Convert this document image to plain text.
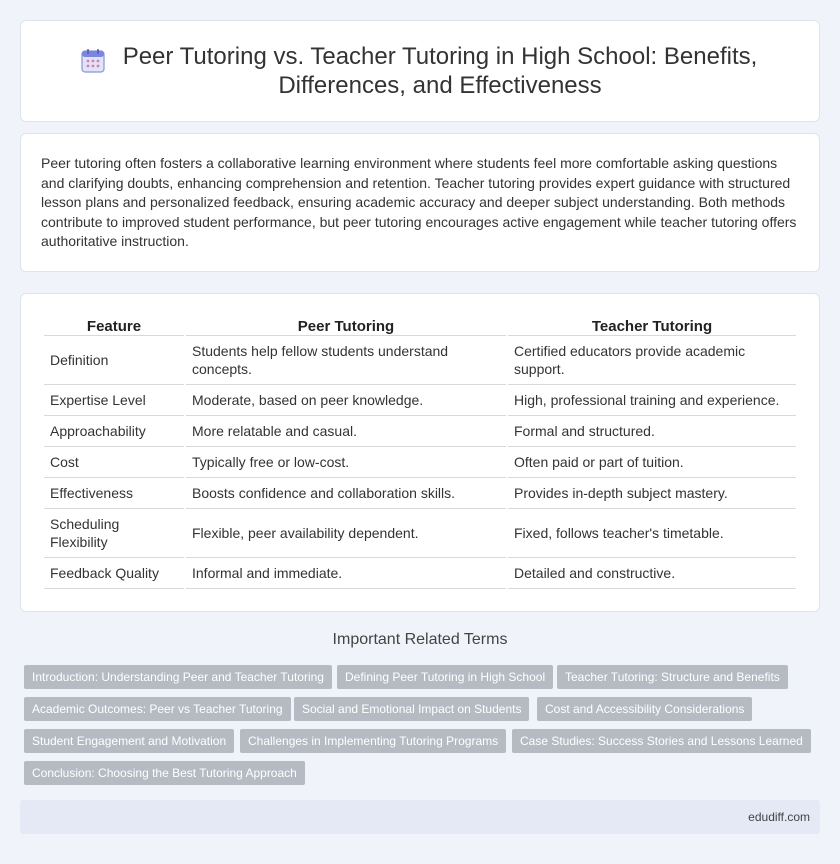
Peer Tutoring vs. Teacher Tutoring in High School: Benefits, Differences, and Effectiveness

Peer tutoring often fosters a collaborative learning environment where students feel more comfortable asking questions and clarifying doubts, enhancing comprehension and retention. Teacher tutoring provides expert guidance with structured lesson plans and personalized feedback, ensuring academic accuracy and deeper subject understanding. Both methods contribute to improved student performance, but peer tutoring encourages active engagement while teacher tutoring offers authoritative instruction.

Feature	Peer Tutoring	Teacher Tutoring
Definition	Students help fellow students understand concepts.	Certified educators provide academic support.
Expertise Level	Moderate, based on peer knowledge.	High, professional training and experience.
Approachability	More relatable and casual.	Formal and structured.
Cost	Typically free or low-cost.	Often paid or part of tuition.
Effectiveness	Boosts confidence and collaboration skills.	Provides in-depth subject mastery.
Scheduling Flexibility	Flexible, peer availability dependent.	Fixed, follows teacher's timetable.
Feedback Quality	Informal and immediate.	Detailed and constructive.
Important Related Terms
Introduction: Understanding Peer and Teacher Tutoring	Defining Peer Tutoring in High School	Teacher Tutoring: Structure and Benefits
Academic Outcomes: Peer vs Teacher Tutoring	Social and Emotional Impact on Students	Cost and Accessibility Considerations
Student Engagement and Motivation	Challenges in Implementing Tutoring Programs	Case Studies: Success Stories and Lessons Learned
Conclusion: Choosing the Best Tutoring Approach
edudiff.com
